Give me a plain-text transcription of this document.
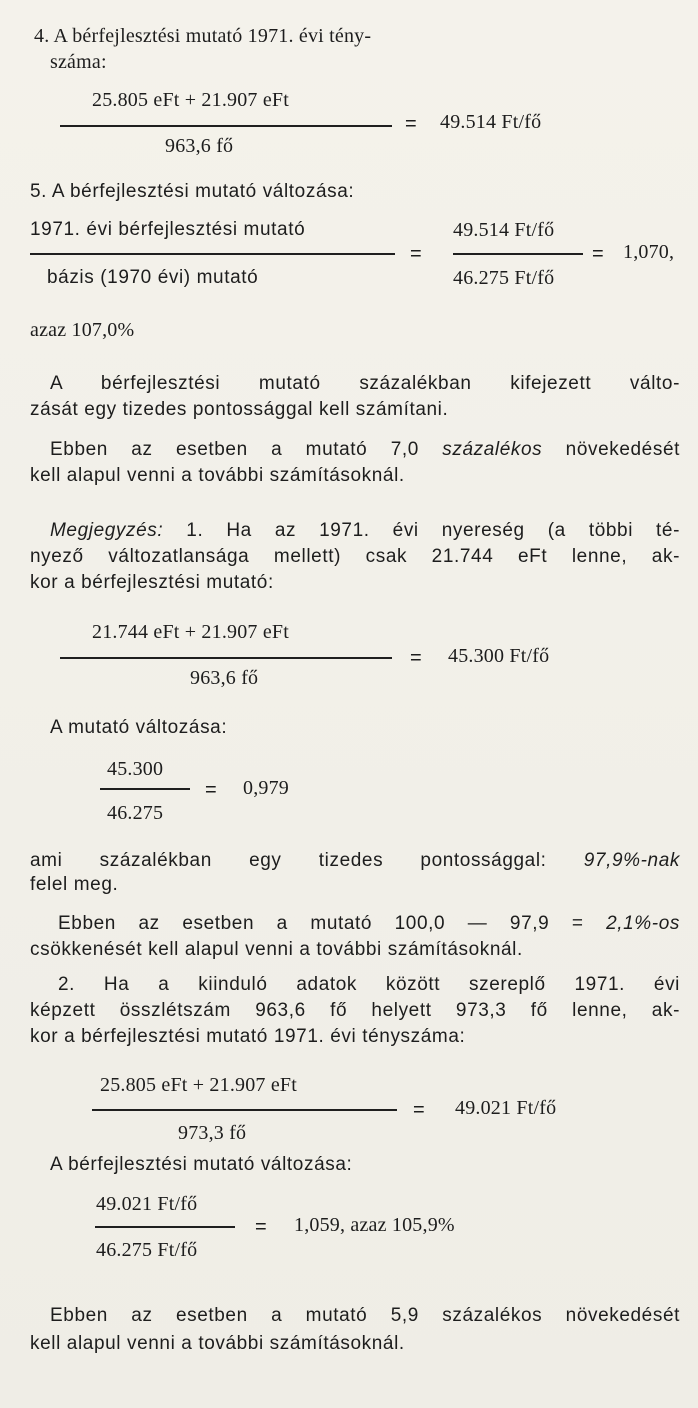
4. A bérfejlesztési mutató 1971. évi tény-
száma:
25.805 eFt + 21.907 eFt
= 49.514 Ft/fő
963,6 fő
5. A bérfejlesztési mutató változása:
1971. évi bérfejlesztési mutató
=
49.514 Ft/fő
= 1,070,
bázis (1970 évi) mutató	46.275 Ft/fő
azaz 107,0%
A bérfejlesztési mutató százalékban kifejezett válto-
zását egy tizedes pontossággal kell számítani.
Ebben az esetben a mutató 7,0 százalékos növekedését
kell alapul venni a további számításoknál.
Megjegyzés: 1. Ha az 1971. évi nyereség (a többi té-
nyező változatlansága mellett) csak 21.744 eFt lenne, ak-
kor a bérfejlesztési mutató:
21.744 eFt + 21.907 eFt
= 45.300 Ft/fő
963,6 fő
A mutató változása:
45.300
= 0,979
46.275
ami százalékban egy tizedes pontossággal: 97,9%-nak
felel meg.
Ebben az esetben a mutató 100,0 — 97,9 = 2,1%-os
csökkenését kell alapul venni a további számításoknál.
2. Ha a kiinduló adatok között szereplő 1971. évi
képzett összlétszám 963,6 fő helyett 973,3 fő lenne, ak-
kor a bérfejlesztési mutató 1971. évi tényszáma:
25.805 eFt + 21.907 eFt
= 49.021 Ft/fő
973,3 fő
A bérfejlesztési mutató változása:
49.021 Ft/fő
= 1,059, azaz 105,9%
46.275 Ft/fő
Ebben az esetben a mutató 5,9 százalékos növekedését
kell alapul venni a további számításoknál.
